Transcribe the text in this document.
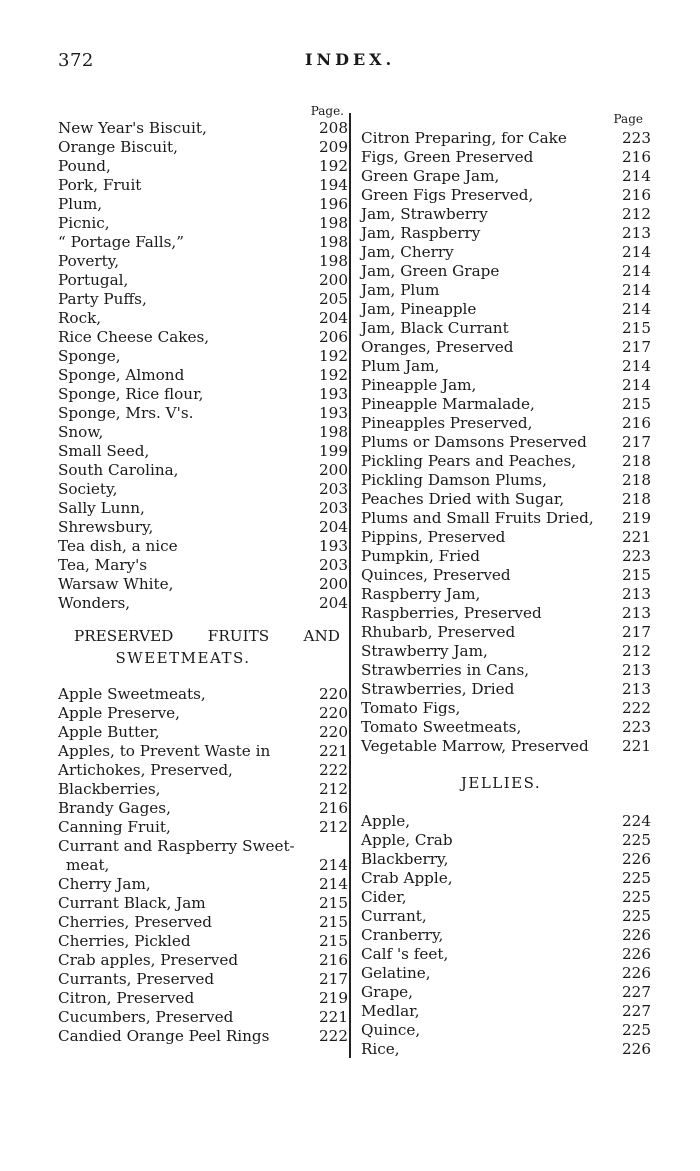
372	INDEX.
Page.
New Year's Biscuit,	208
Orange Biscuit,	209
Pound,	192
Pork, Fruit	194
Plum,	196
Picnic,	198
“ Portage Falls,”	198
Poverty,	198
Portugal,	200
Party Puffs,	205
Rock,	204
Rice Cheese Cakes,	206
Sponge,	192
Sponge, Almond	192
Sponge, Rice flour,	193
Sponge, Mrs. V's.	193
Snow,	198
Small Seed,	199
South Carolina,	200
Society,	203
Sally Lunn,	203
Shrewsbury,	204
Tea dish, a nice	193
Tea, Mary's	203
Warsaw White,	200
Wonders,	204
PRESERVED FRUITS AND
SWEETMEATS.
Apple Sweetmeats,	220
Apple Preserve,	220
Apple Butter,	220
Apples, to Prevent Waste in	221
Artichokes, Preserved,	222
Blackberries,	212
Brandy Gages,	216
Canning Fruit,	212
Currant and Raspberry Sweet-
meat,	214
Cherry Jam,	214
Currant Black, Jam	215
Cherries, Preserved	215
Cherries, Pickled	215
Crab apples, Preserved	216
Currants, Preserved	217
Citron, Preserved	219
Cucumbers, Preserved	221
Candied Orange Peel Rings	222
Page
Citron Preparing, for Cake	223
Figs, Green Preserved	216
Green Grape Jam,	214
Green Figs Preserved,	216
Jam, Strawberry	212
Jam, Raspberry	213
Jam, Cherry	214
Jam, Green Grape	214
Jam, Plum	214
Jam, Pineapple	214
Jam, Black Currant	215
Oranges, Preserved	217
Plum Jam,	214
Pineapple Jam,	214
Pineapple Marmalade,	215
Pineapples Preserved,	216
Plums or Damsons Preserved 217
Pickling Pears and Peaches,	218
Pickling Damson Plums,	218
Peaches Dried with Sugar,	218
Plums and Small Fruits Dried, 219
Pippins, Preserved	221
Pumpkin, Fried	223
Quinces, Preserved	215
Raspberry Jam,	213
Raspberries, Preserved	213
Rhubarb, Preserved	217
Strawberry Jam,	212
Strawberries in Cans,	213
Strawberries, Dried	213
Tomato Figs,	222
Tomato Sweetmeats,	223
Vegetable Marrow, Preserved 221
JELLIES.
Apple,	224
Apple, Crab	225
Blackberry,	226
Crab Apple,	225
Cider,	225
Currant,	225
Cranberry,	226
Calf 's feet,	226
Gelatine,	226
Grape,	227
Medlar,	227
Quince,	225
Rice,	226
